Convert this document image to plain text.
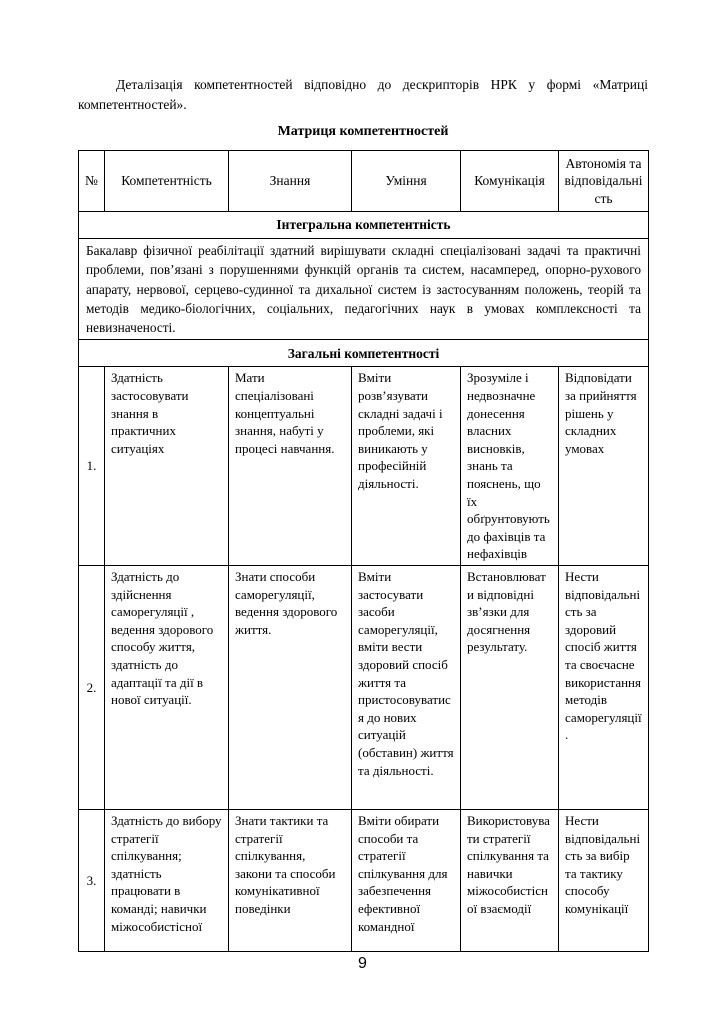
Деталізація компетентностей відповідно до дескрипторів НРК у формі «Матриці компетентностей».

Матриця компетентностей

№	Компетентність	Знання	Уміння	Комунікація	Автономія та відповідальність
Інтегральна компетентність					
Бакалавр фізичної реабілітації здатний вирішувати складні спеціалізовані задачі та практичні проблеми, пов’язані з порушеннями функцій органів та систем, насамперед, опорно-рухового апарату, нервової, серцево-судинної та дихальної систем із застосуванням положень, теорій та методів медико-біологічних, соціальних, педагогічних наук в умовах комплексності та невизначеності.					
Загальні компетентності					
1.	Здатність застосовувати знання в практичних ситуаціях	Мати спеціалізовані концептуальні знання, набуті у процесі навчання.	Вміти розв’язувати складні задачі і проблеми, які виникають у професійній діяльності.	Зрозуміле і недвозначне донесення власних висновків, знань та пояснень, що їх обґрунтовують до фахівців та нефахівців	Відповідати за прийняття рішень у складних умовах
2.	Здатність до здійснення саморегуляції , ведення здорового способу життя, здатність до адаптації та дії в нової ситуації.	Знати способи саморегуляції, ведення здорового життя.	Вміти застосувати засоби саморегуляції, вміти вести здоровий спосіб життя та пристосовуватися до нових ситуацій (обставин) життя та діяльності.	Встановлювати відповідні зв’язки для досягнення результату.	Нести відповідальність за здоровий спосіб життя та своєчасне використання методів саморегуляції .
3.	Здатність до вибору стратегії спілкування; здатність працювати в команді; навички міжособистісної	Знати тактики та стратегії спілкування, закони та способи комунікативної поведінки	Вміти обирати способи та стратегії спілкування для забезпечення ефективної командної	Використовувати стратегії спілкування та навички міжособистісної взаємодії	Нести відповідальність за вибір та тактику способу комунікації
9
